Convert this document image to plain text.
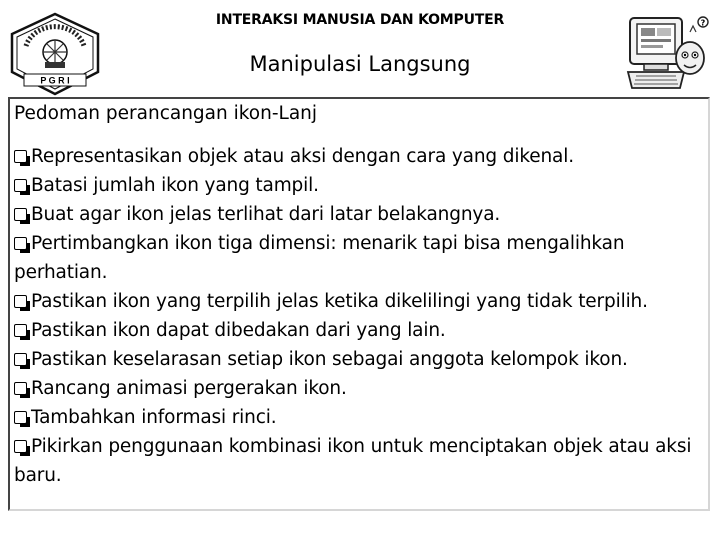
P G R I
INTERAKSI MANUSIA DAN KOMPUTER
Manipulasi Langsung
?
Pedoman perancangan ikon-Lanj
Representasikan objek atau aksi dengan cara yang dikenal.
Batasi jumlah ikon yang tampil.
Buat agar ikon jelas terlihat dari latar belakangnya.
Pertimbangkan ikon tiga dimensi: menarik tapi bisa mengalihkan perhatian.
Pastikan ikon yang terpilih jelas ketika dikelilingi yang tidak terpilih.
Pastikan ikon dapat dibedakan dari yang lain.
Pastikan keselarasan setiap ikon sebagai anggota kelompok ikon.
Rancang animasi pergerakan ikon.
Tambahkan informasi rinci.
Pikirkan penggunaan kombinasi ikon untuk menciptakan objek atau aksi baru.
